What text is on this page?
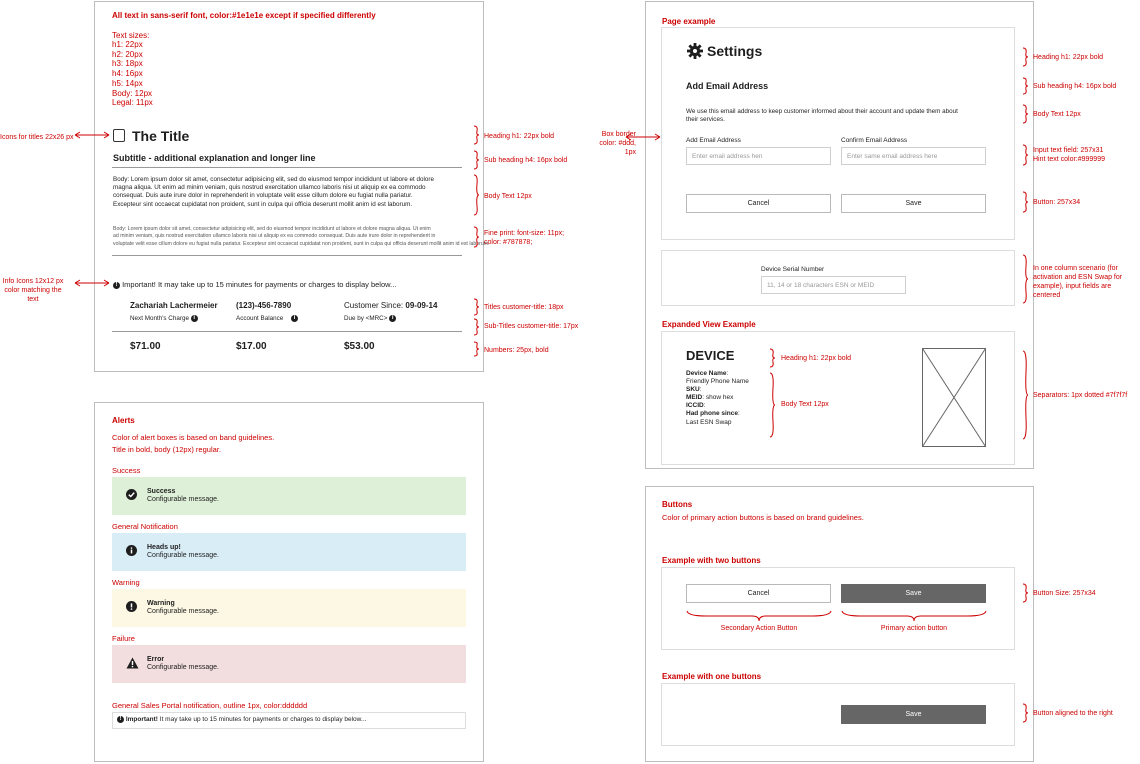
All text in sans-serif font, color:#1e1e1e except if specified differently
Text sizes:
h1: 22px
h2: 20px
h3: 18px
h4: 16px
h5: 14px
Body: 12px
Legal: 11px
The Title
Subtitle - additional explanation and longer line
Body: Lorem ipsum dolor sit amet, consectetur adipisicing elit, sed do eiusmod tempor incididunt ut labore et dolore
magna aliqua. Ut enim ad minim veniam, quis nostrud exercitation ullamco laboris nisi ut aliquip ex ea commodo
consequat. Duis aute irure dolor in reprehenderit in voluptate velit esse cillum dolore eu fugiat nulla pariatur.
Excepteur sint occaecat cupidatat non proident, sunt in culpa qui officia deserunt mollit anim id est laborum.
Body: Lorem ipsum dolor sit amet, consectetur adipisicing elit, sed do eiusmod tempor incididunt ut labore et dolore magna aliqua. Ut enim
ad minim veniam, quis nostrud exercitation ullamco laboris nisi ut aliquip ex ea commodo consequat. Duis aute irure dolor in reprehenderit in
voluptate velit esse cillum dolore eu fugiat nulla pariatur. Excepteur sint occaecat cupidatat non proident, sunt in culpa qui officia deserunt mollit anim id est laborum.
! Important! It may take up to 15 minutes for payments or charges to display below...
Zachariah Lachermeier (123)-456-7890	Customer Since: 09-09-14
Next Month's Charge i	Account Balance i	Due by <MRC> i
$71.00	$17.00	$53.00
Icons for titles 22x26 px
Info Icons 12x12 px
color matching the text
Heading h1: 22px bold
Sub heading h4: 16px bold
Body Text 12px
Fine print: font-size: 11px;
color: #787878;
Titles customer-title: 18px
Sub-Titles customer-title: 17px
Numbers: 25px, bold
Alerts
Color of alert boxes is based on band guidelines.
Title in bold, body (12px) regular.
Success
Success
Configurable message.
General Notification
Heads up!
Configurable message.
Warning
Warning
Configurable message.
Failure
Error
Configurable message.
General Sales Portal notification, outline 1px, color:dddddd
! Important! It may take up to 15 minutes for payments or charges to display below...
Page example
Settings
Add Email Address
We use this email address to keep customer informed about their account and update them about
their services.
Add Email Address
Enter email address hen
Confirm Email Address
Enter same email address here
Cancel	Save
Device Serial Number
11, 14 or 18 characters ESN or MEID
Box border
color: #ddd, 1px
Heading h1: 22px bold
Sub heading h4: 16px bold
Body Text 12px
Input text field: 257x31
Hint text color:#999999
Button: 257x34
In one column scenario (for
activation and ESN Swap for
example), input fields are
centered
Expanded View Example
DEVICE
Device Name:
Friendly Phone Name
SKU:
MEID: show hex
ICCID:
Had phone since:
Last ESN Swap
Heading h1: 22px bold
Body Text 12px
Separators: 1px dotted #7f7f7f
Buttons
Color of primary action buttons is based on brand guidelines.
Example with two buttons
Cancel	Save
Secondary Action Button	Primary action button
Example with one buttons
Save
Button Size: 257x34
Button aligned to the right
